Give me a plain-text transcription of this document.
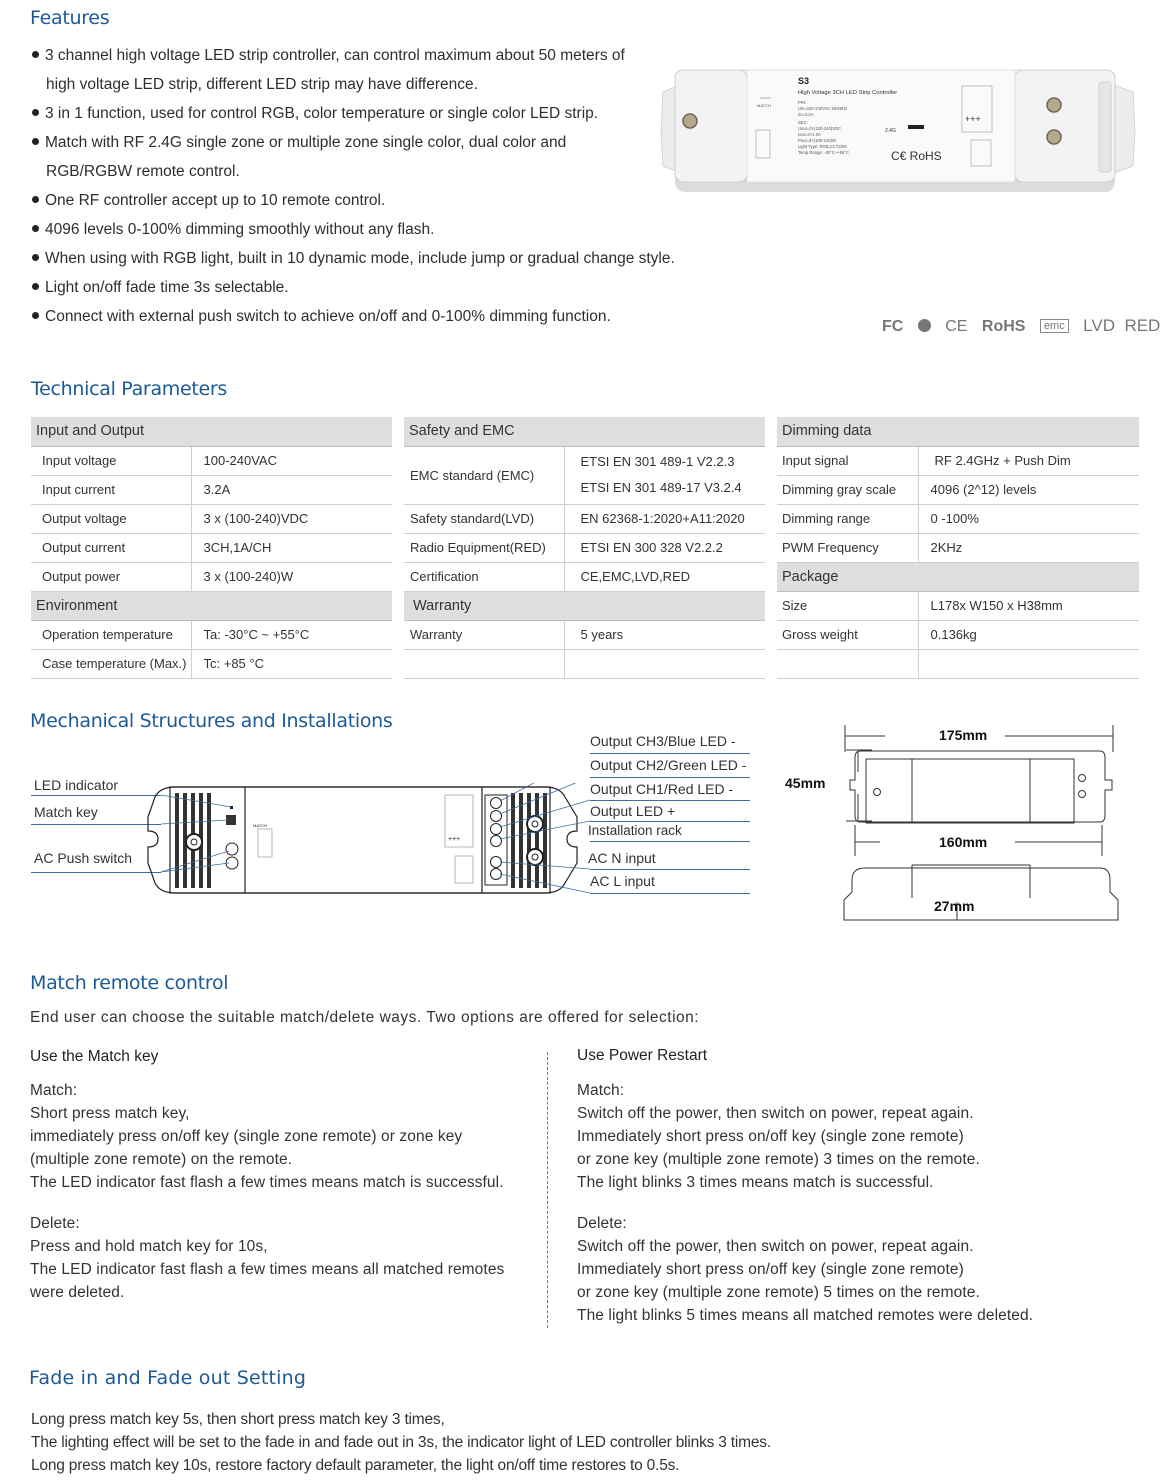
Features
3 channel high voltage LED strip controller, can control maximum about 50 meters of
high voltage LED strip, different LED strip may have difference.
3 in 1 function, used for control RGB, color temperature or single color LED strip.
Match with RF 2.4G single zone or multiple zone single color, dual color and
RGB/RGBW remote control.
One RF controller accept up to 10 remote control.
4096 levels 0-100% dimming smoothly without any flash.
When using with RGB light, built in 10 dynamic mode, include jump or gradual change style.
Light on/off fade time 3s selectable.
Connect with external push switch to achieve on/off and 0-100% dimming function.
S3
High Voltage 3CH LED Strip Controller
PRI:
Uin=100-240VAC 50/60Hz
Iin=3.2A
SEC:
Uout=3×(100-240)VDC
Iout=3×1.0A
Pout=3×(100-240)W
Light Type: RGB,CCT,DIM
Temp Range: -30°C~+55°C
MATCH
2.4G
C€ RoHS
+++
FC	CE RoHS emc LVD RED
Technical Parameters
Input and Output	
Input voltage	100-240VAC
Input current	3.2A
Output voltage	3 x (100-240)VDC
Output current	3CH,1A/CH
Output power	3 x (100-240)W
Environment	
Operation temperature	Ta: -30°C ~ +55°C
Case temperature (Max.)	Tc: +85 °C
Safety and EMC	
EMC standard (EMC)	ETSI EN 301 489-1 V2.2.3
ETSI EN 301 489-17 V3.2.4

Safety standard(LVD)	EN 62368-1:2020+A11:2020
Radio Equipment(RED)	ETSI EN 300 328 V2.2.2
Certification	CE,EMC,LVD,RED
Warranty	
Warranty	5 years

Dimming data	
Input signal	RF 2.4GHz + Push Dim
Dimming gray scale	4096 (2^12) levels
Dimming range	0 -100%
PWM Frequency	2KHz
Package	
Size	L178x W150 x H38mm
Gross weight	0.136kg

Mechanical Structures and Installations
LED indicator
Match key
AC Push switch
Output CH3/Blue LED -
Output CH2/Green LED -
Output CH1/Red LED -
Output LED +
Installation rack
AC N input
AC L input
MATCH
+++
175mm
45mm
160mm
27mm
Match remote control
End user can choose the suitable match/delete ways. Two options are offered for selection:
Use the Match key
Match:
Short press match key,
immediately press on/off key (single zone remote) or zone key
(multiple zone remote) on the remote.
The LED indicator fast flash a few times means match is successful.
Delete:
Press and hold match key for 10s,
The LED indicator fast flash a few times means all matched remotes
were deleted.
Use Power Restart
Match:
Switch off the power, then switch on power, repeat again.
Immediately short press on/off key (single zone remote)
or zone key (multiple zone remote) 3 times on the remote.
The light blinks 3 times means match is successful.
Delete:
Switch off the power, then switch on power, repeat again.
Immediately short press on/off key (single zone remote)
or zone key (multiple zone remote) 5 times on the remote.
The light blinks 5 times means all matched remotes were deleted.
Fade in and Fade out Setting
Long press match key 5s, then short press match key 3 times,
The lighting effect will be set to the fade in and fade out in 3s, the indicator light of LED controller blinks 3 times.
Long press match key 10s, restore factory default parameter, the light on/off time restores to 0.5s.
